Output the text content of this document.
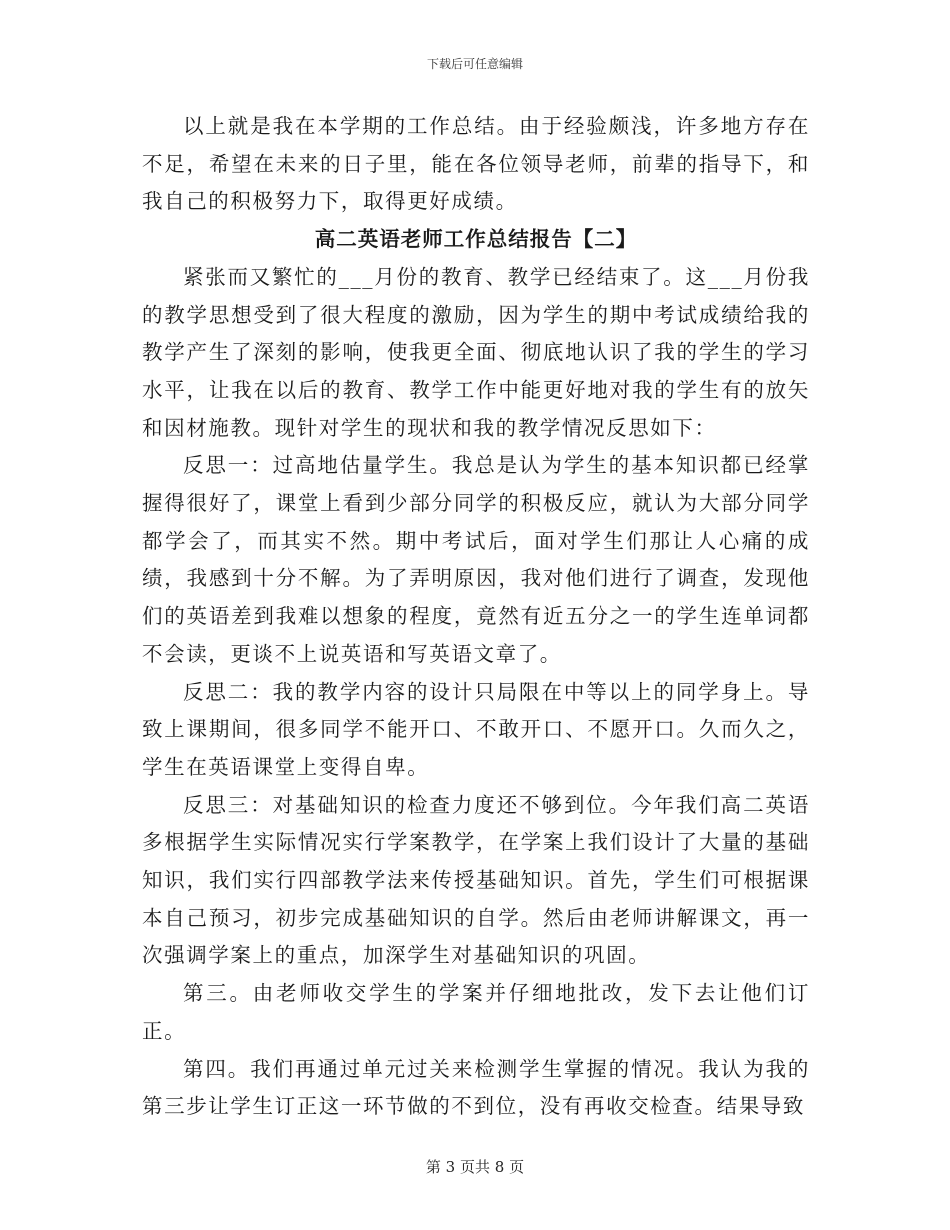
下载后可任意编辑

以上就是我在本学期的工作总结。由于经验颇浅，许多地方存在不足，希望在未来的日子里，能在各位领导老师，前辈的指导下，和我自己的积极努力下，取得更好成绩。

高二英语老师工作总结报告【二】

紧张而又繁忙的___月份的教育、教学已经结束了。这___月份我的教学思想受到了很大程度的激励，因为学生的期中考试成绩给我的教学产生了深刻的影响，使我更全面、彻底地认识了我的学生的学习水平，让我在以后的教育、教学工作中能更好地对我的学生有的放矢和因材施教。现针对学生的现状和我的教学情况反思如下：

反思一：过高地估量学生。我总是认为学生的基本知识都已经掌握得很好了，课堂上看到少部分同学的积极反应，就认为大部分同学都学会了，而其实不然。期中考试后，面对学生们那让人心痛的成绩，我感到十分不解。为了弄明原因，我对他们进行了调查，发现他们的英语差到我难以想象的程度，竟然有近五分之一的学生连单词都不会读，更谈不上说英语和写英语文章了。

反思二：我的教学内容的设计只局限在中等以上的同学身上。导致上课期间，很多同学不能开口、不敢开口、不愿开口。久而久之，学生在英语课堂上变得自卑。

反思三：对基础知识的检查力度还不够到位。今年我们高二英语多根据学生实际情况实行学案教学，在学案上我们设计了大量的基础知识，我们实行四部教学法来传授基础知识。首先，学生们可根据课本自己预习，初步完成基础知识的自学。然后由老师讲解课文，再一次强调学案上的重点，加深学生对基础知识的巩固。

第三。由老师收交学生的学案并仔细地批改，发下去让他们订正。

第四。我们再通过单元过关来检测学生掌握的情况。我认为我的第三步让学生订正这一环节做的不到位，没有再收交检查。结果导致

第 3 页共 8 页
